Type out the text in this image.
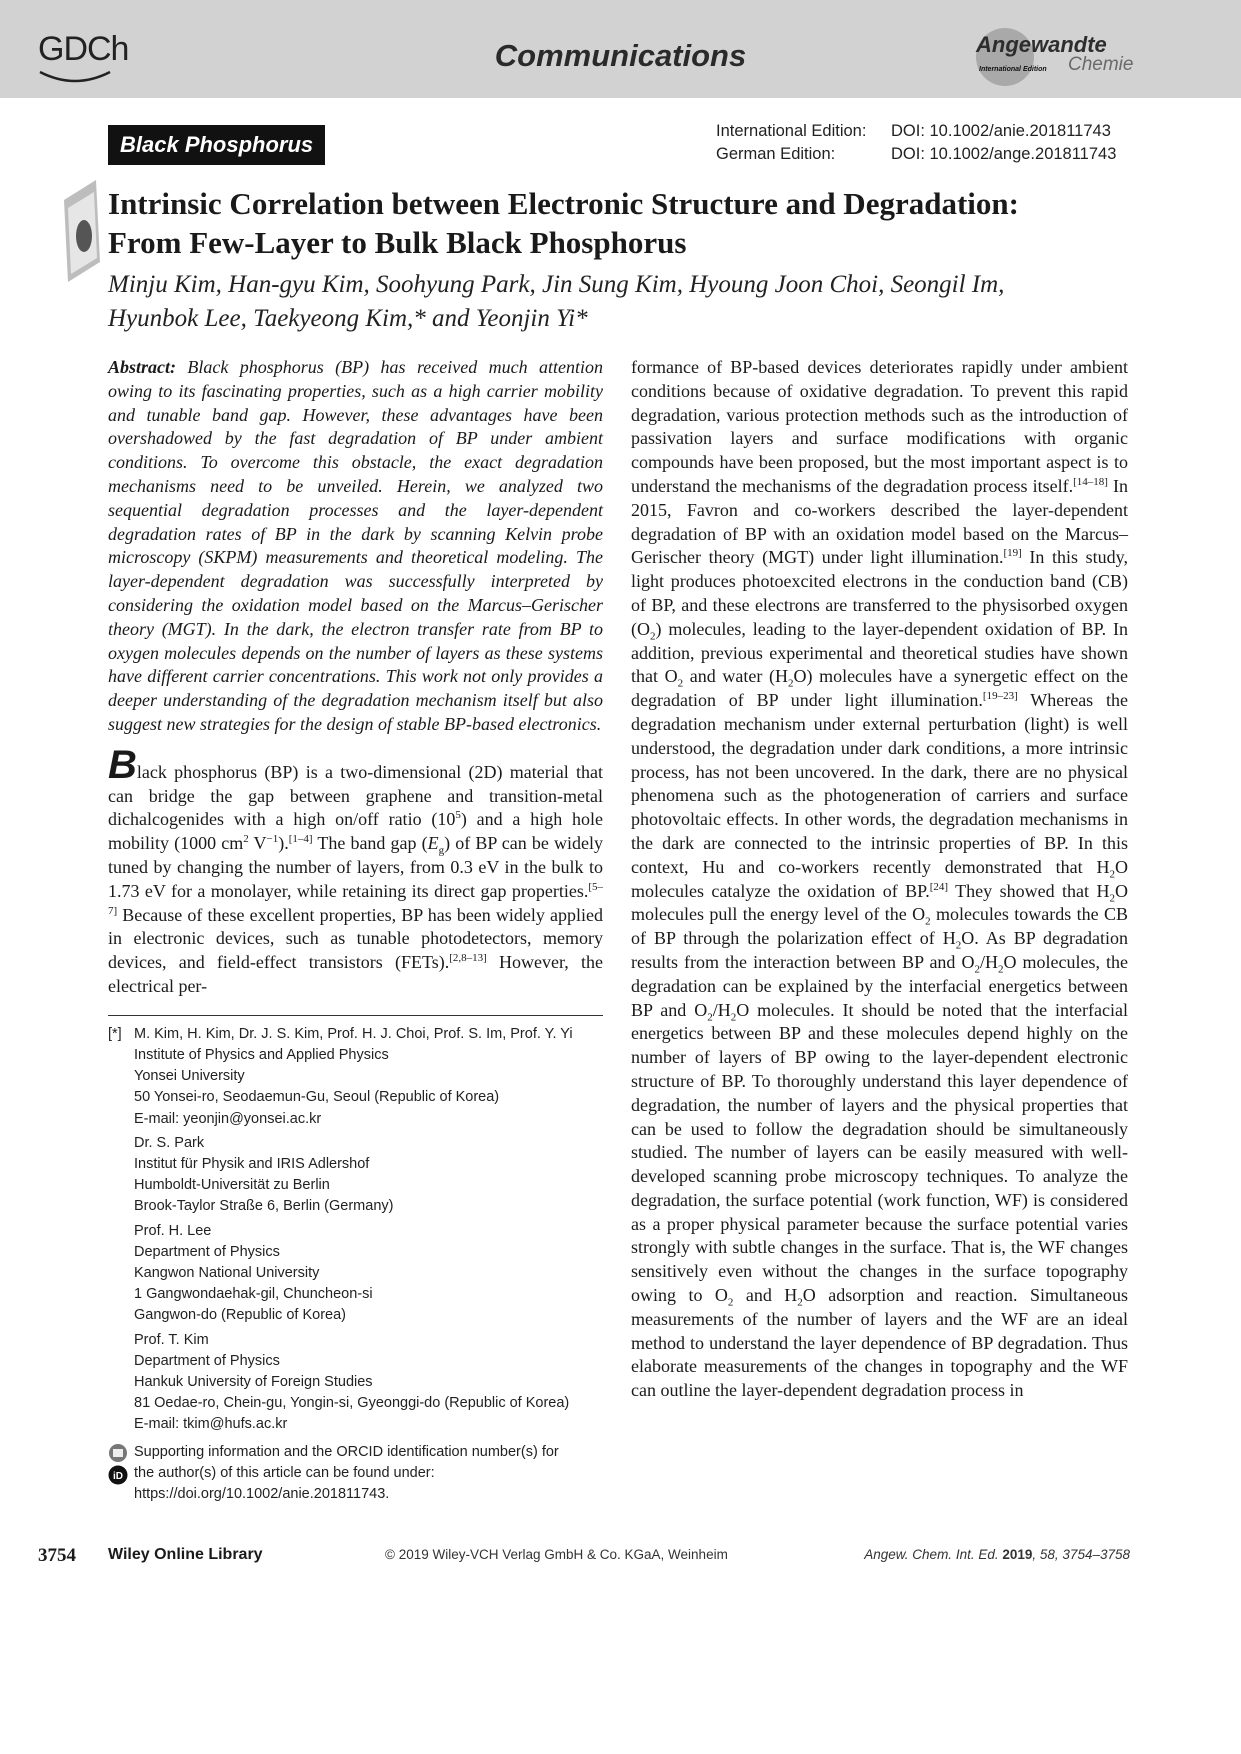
GDCh	Communications	Angewandte
Chemie
International Edition
Black Phosphorus
International Edition: DOI: 10.1002/anie.201811743
German Edition:	DOI: 10.1002/ange.201811743
Intrinsic Correlation between Electronic Structure and Degradation:
From Few-Layer to Bulk Black Phosphorus
Minju Kim, Han-gyu Kim, Soohyung Park, Jin Sung Kim, Hyoung Joon Choi, Seongil Im,
Hyunbok Lee, Taekyeong Kim,* and Yeonjin Yi*

Abstract: Black phosphorus (BP) has received much attention owing to its fascinating properties, such as a high carrier mobility and tunable band gap. However, these advantages have been overshadowed by the fast degradation of BP under ambient conditions. To overcome this obstacle, the exact degradation mechanisms need to be unveiled. Herein, we analyzed two sequential degradation processes and the layer-dependent degradation rates of BP in the dark by scanning Kelvin probe microscopy (SKPM) measurements and theoretical modeling. The layer-dependent degradation was successfully interpreted by considering the oxidation model based on the Marcus–Gerischer theory (MGT). In the dark, the electron transfer rate from BP to oxygen molecules depends on the number of layers as these systems have different carrier concentrations. This work not only provides a deeper understanding of the degradation mechanism itself but also suggest new strategies for the design of stable BP-based electronics.

Black phosphorus (BP) is a two-dimensional (2D) material that can bridge the gap between graphene and transition-metal dichalcogenides with a high on/off ratio $(10^5)$ and a high hole mobility (1000 $cm^2$ $V^{-1}).[1-4]$ The band gap $(E_g)$ of BP can be widely tuned by changing the number of layers, from 0.3 eV in the bulk to 1.73 eV for a monolayer, while retaining its direct gap properties.[5–7] Because of these excellent properties, BP has been widely applied in electronic devices, such as tunable photodetectors, memory devices, and field-effect transistors (FETs).[2,8–13] However, the electrical per-

[*] M. Kim, H. Kim, Dr. J. S. Kim, Prof. H. J. Choi, Prof. S. Im, Prof. Y. Yi
Institute of Physics and Applied Physics
Yonsei University
50 Yonsei-ro, Seodaemun-Gu, Seoul (Republic of Korea)
E-mail: yeonjin@yonsei.ac.kr
Dr. S. Park
Institut für Physik and IRIS Adlershof
Humboldt-Universität zu Berlin
Brook-Taylor Straße 6, Berlin (Germany)
Prof. H. Lee
Department of Physics
Kangwon National University
1 Gangwondaehak-gil, Chuncheon-si
Gangwon-do (Republic of Korea)
Prof. T. Kim
Department of Physics
Hankuk University of Foreign Studies
81 Oedae-ro, Chein-gu, Yongin-si, Gyeonggi-do (Republic of Korea)
E-mail: tkim@hufs.ac.kr
iD
Supporting information and the ORCID identification number(s) for
the author(s) of this article can be found under:
https://doi.org/10.1002/anie.201811743.

formance of BP-based devices deteriorates rapidly under ambient conditions because of oxidative degradation. To prevent this rapid degradation, various protection methods such as the introduction of passivation layers and surface modifications with organic compounds have been proposed, but the most important aspect is to understand the mechanisms of the degradation process itself.[14–18] In 2015, Favron and co-workers described the layer-dependent degradation of BP with an oxidation model based on the Marcus–Gerischer theory (MGT) under light illumination.[19] In this study, light produces photoexcited electrons in the conduction band (CB) of BP, and these electrons are transferred to the physisorbed oxygen $(O_2)$ molecules, leading to the layer-dependent oxidation of BP. In addition, previous experimental and theoretical studies have shown that $O_2$ and water $(H_2O)$ molecules have a synergetic effect on the degradation of BP under light illumination.[19–23] Whereas the degradation mechanism under external perturbation (light) is well understood, the degradation under dark conditions, a more intrinsic process, has not been uncovered. In the dark, there are no physical phenomena such as the photogeneration of carriers and surface photovoltaic effects. In other words, the degradation mechanisms in the dark are connected to the intrinsic properties of BP. In this context, Hu and co-workers recently demonstrated that $H_2O$ molecules catalyze the oxidation of BP.[24] They showed that $H_2O$ molecules pull the energy level of the $O_2$ molecules towards the CB of BP through the polarization effect of $H_2O$. As BP degradation results from the interaction between BP and $O_2/H_2O$ molecules, the degradation can be explained by the interfacial energetics between BP and $O_2/H_2O$ molecules. It should be noted that the interfacial energetics between BP and these molecules depend highly on the number of layers of BP owing to the layer-dependent electronic structure of BP. To thoroughly understand this layer dependence of degradation, the number of layers and the physical properties that can be used to follow the degradation should be simultaneously studied. The number of layers can be easily measured with well-developed scanning probe microscopy techniques. To analyze the degradation, the surface potential (work function, WF) is considered as a proper physical parameter because the surface potential varies strongly with subtle changes in the surface. That is, the WF changes sensitively even without the changes in the surface topography owing to $O_2$ and $H_2O$ adsorption and reaction. Simultaneous measurements of the number of layers and the WF are an ideal method to understand the layer dependence of BP degradation. Thus elaborate measurements of the changes in topography and the WF can outline the layer-dependent degradation process in

3754 Wiley Online Library	© 2019 Wiley-VCH Verlag GmbH & Co. KGaA, Weinheim	Angew. Chem. Int. Ed. 2019, 58, 3754–3758
